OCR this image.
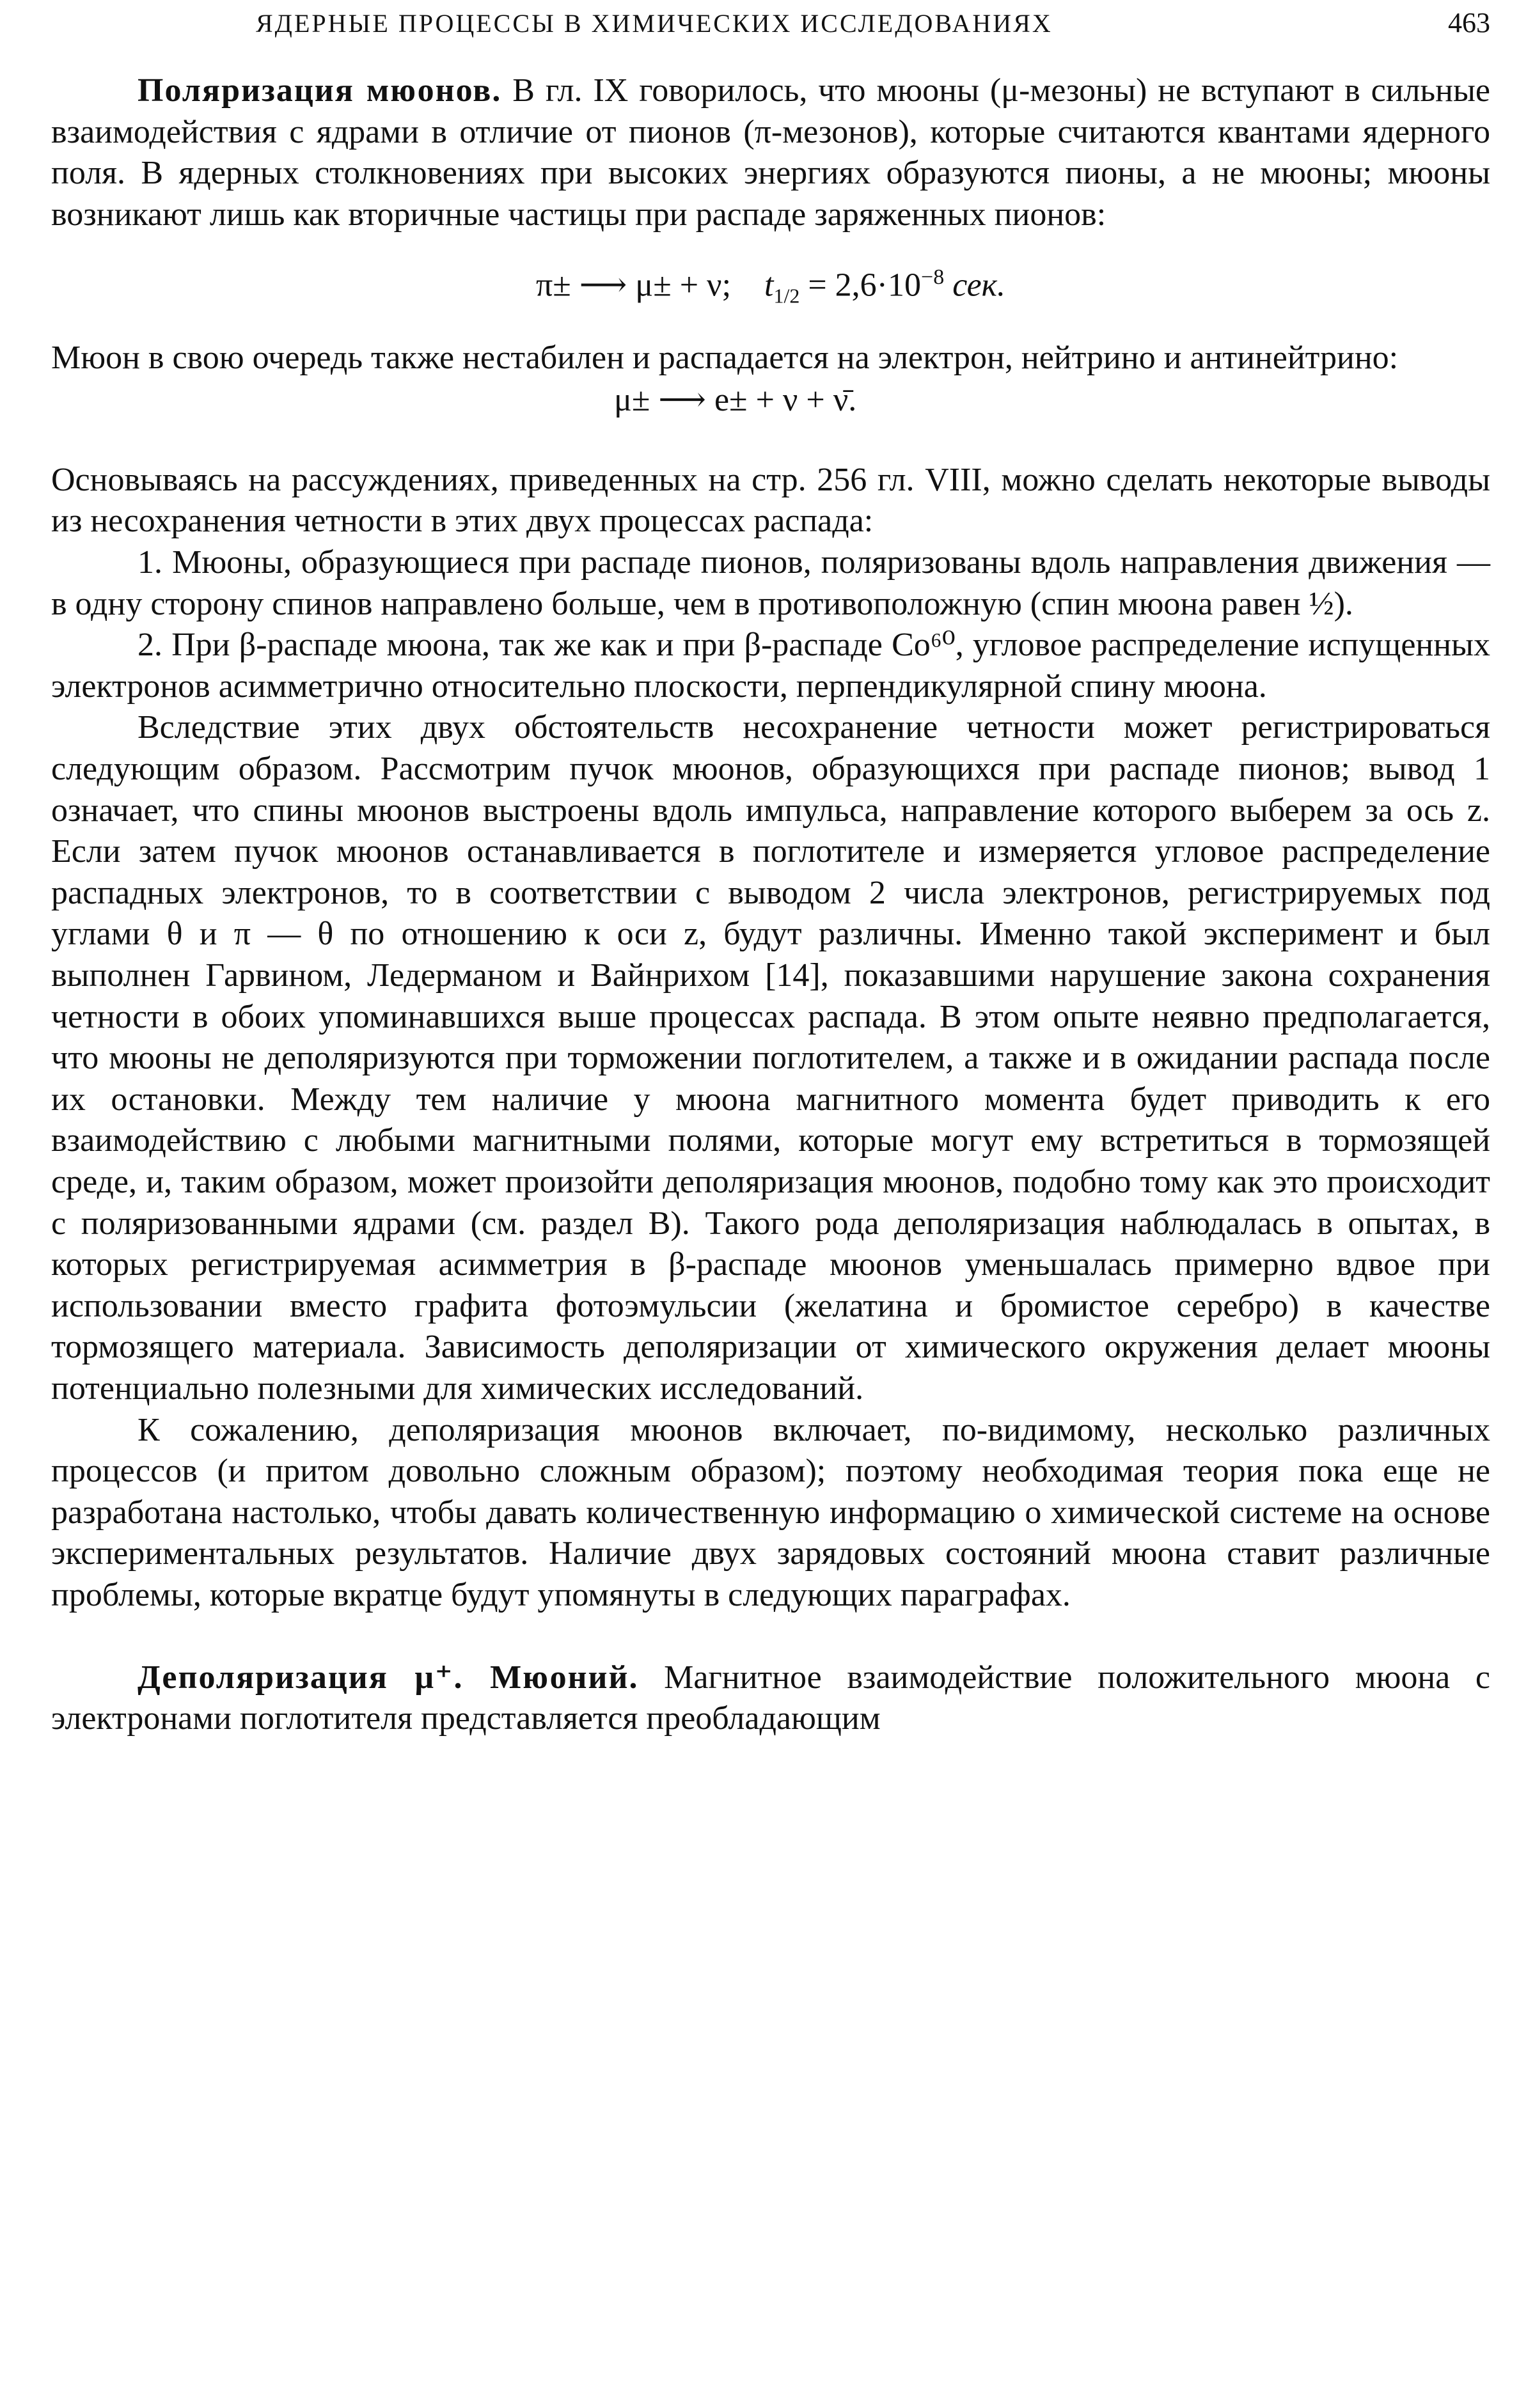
ЯДЕРНЫЕ ПРОЦЕССЫ В ХИМИЧЕСКИХ ИССЛЕДОВАНИЯХ	463

Поляризация мюонов. В гл. IX говорилось, что мюоны (μ-мезоны) не вступают в сильные взаимодействия с ядрами в отличие от пионов (π-мезонов), которые считаются квантами ядерного поля. В ядерных столкновениях при высоких энергиях образуются пионы, а не мюоны; мюоны возникают лишь как вторичные частицы при распаде заряженных пионов:

π± ⟶ μ± + ν; $t_{1/2} = 2,6\cdot 10^{-8}$ сек.

Мюон в свою очередь также нестабилен и распадается на электрон, нейтрино и антинейтрино:

μ± ⟶ e± + ν + ν̄.

Основываясь на рассуждениях, приведенных на стр. 256 гл. VIII, можно сделать некоторые выводы из несохранения четности в этих двух процессах распада:

1. Мюоны, образующиеся при распаде пионов, поляризованы вдоль направления движения — в одну сторону спинов направлено больше, чем в противоположную (спин мюона равен ½).

2. При β-распаде мюона, так же как и при β-распаде Co⁶⁰, угловое распределение испущенных электронов асимметрично относительно плоскости, перпендикулярной спину мюона.

Вследствие этих двух обстоятельств несохранение четности может регистрироваться следующим образом. Рассмотрим пучок мюонов, образующихся при распаде пионов; вывод 1 означает, что спины мюонов выстроены вдоль импульса, направление которого выберем за ось z. Если затем пучок мюонов останавливается в поглотителе и измеряется угловое распределение распадных электронов, то в соответствии с выводом 2 числа электронов, регистрируемых под углами θ и π — θ по отношению к оси z, будут различны. Именно такой эксперимент и был выполнен Гарвином, Ледерманом и Вайнрихом [14], показавшими нарушение закона сохранения четности в обоих упоминавшихся выше процессах распада. В этом опыте неявно предполагается, что мюоны не деполяризуются при торможении поглотителем, а также и в ожидании распада после их остановки. Между тем наличие у мюона магнитного момента будет приводить к его взаимодействию с любыми магнитными полями, которые могут ему встретиться в тормозящей среде, и, таким образом, может произойти деполяризация мюонов, подобно тому как это происходит с поляризованными ядрами (см. раздел В). Такого рода деполяризация наблюдалась в опытах, в которых регистрируемая асимметрия в β-распаде мюонов уменьшалась примерно вдвое при использовании вместо графита фотоэмульсии (желатина и бромистое серебро) в качестве тормозящего материала. Зависимость деполяризации от химического окружения делает мюоны потенциально полезными для химических исследований.

К сожалению, деполяризация мюонов включает, по-видимому, несколько различных процессов (и притом довольно сложным образом); поэтому необходимая теория пока еще не разработана настолько, чтобы давать количественную информацию о химической системе на основе экспериментальных результатов. Наличие двух зарядовых состояний мюона ставит различные проблемы, которые вкратце будут упомянуты в следующих параграфах.

Деполяризация μ⁺. Мюоний. Магнитное взаимодействие положительного мюона с электронами поглотителя представляется преобладающим
